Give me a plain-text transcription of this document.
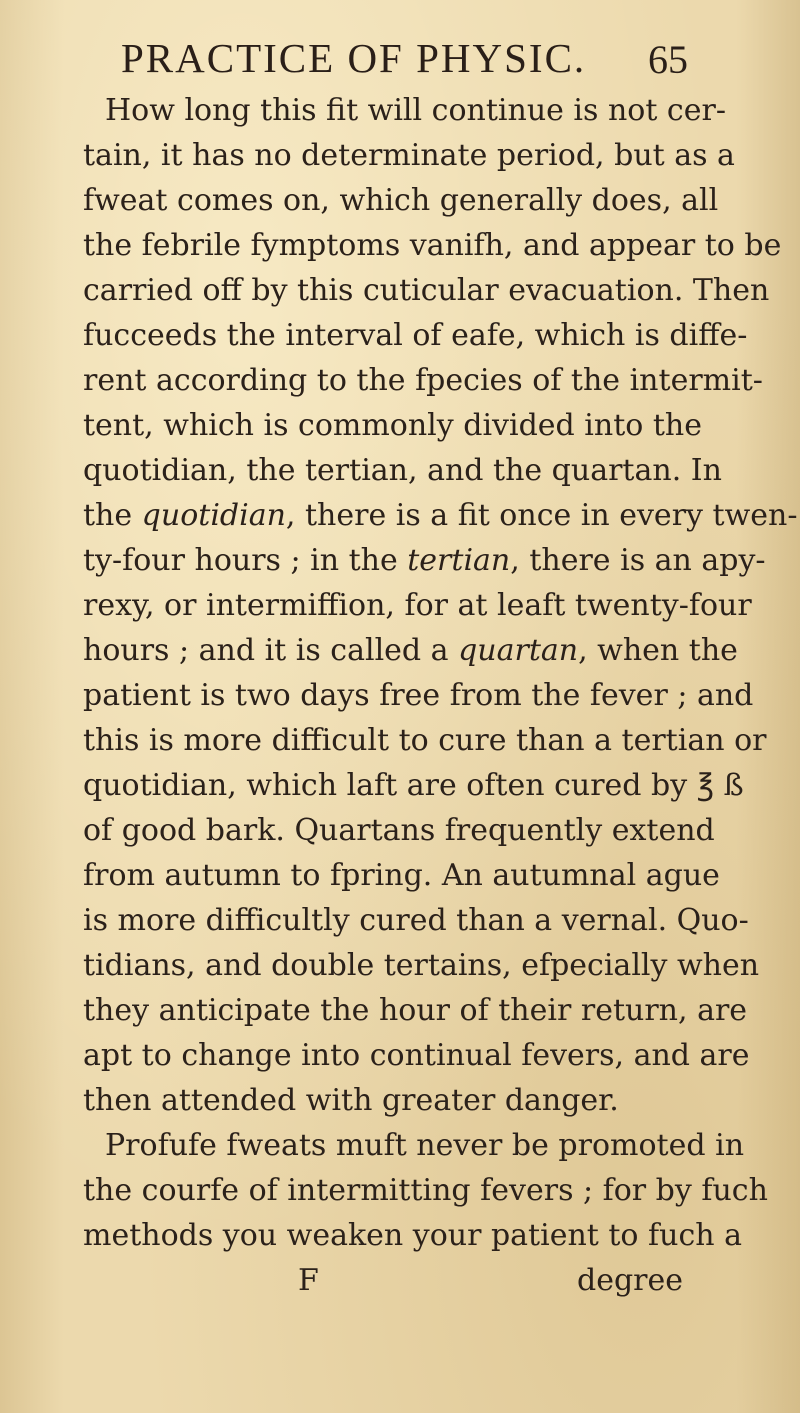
PRACTICE OF PHYSIC. 65
How long this fit will continue is not cer-
tain, it has no determinate period, but as a
fweat comes on, which generally does, all
the febrile fymptoms vanifh, and appear to be
carried off by this cuticular evacuation. Then
fucceeds the interval of eafe, which is diffe-
rent according to the fpecies of the intermit-
tent, which is commonly divided into the
quotidian, the tertian, and the quartan. In
the quotidian, there is a fit once in every twen-
ty-four hours ; in the tertian, there is an apy-
rexy, or intermiffion, for at leaft twenty-four
hours ; and it is called a quartan, when the
patient is two days free from the fever ; and
this is more difficult to cure than a tertian or
quotidian, which laft are often cured by ℥ ß
of good bark. Quartans frequently extend
from autumn to fpring. An autumnal ague
is more difficultly cured than a vernal. Quo-
tidians, and double tertains, efpecially when
they anticipate the hour of their return, are
apt to change into continual fevers, and are
then attended with greater danger.
Profufe fweats muft never be promoted in
the courfe of intermitting fevers ; for by fuch
methods you weaken your patient to fuch a
F	degree
